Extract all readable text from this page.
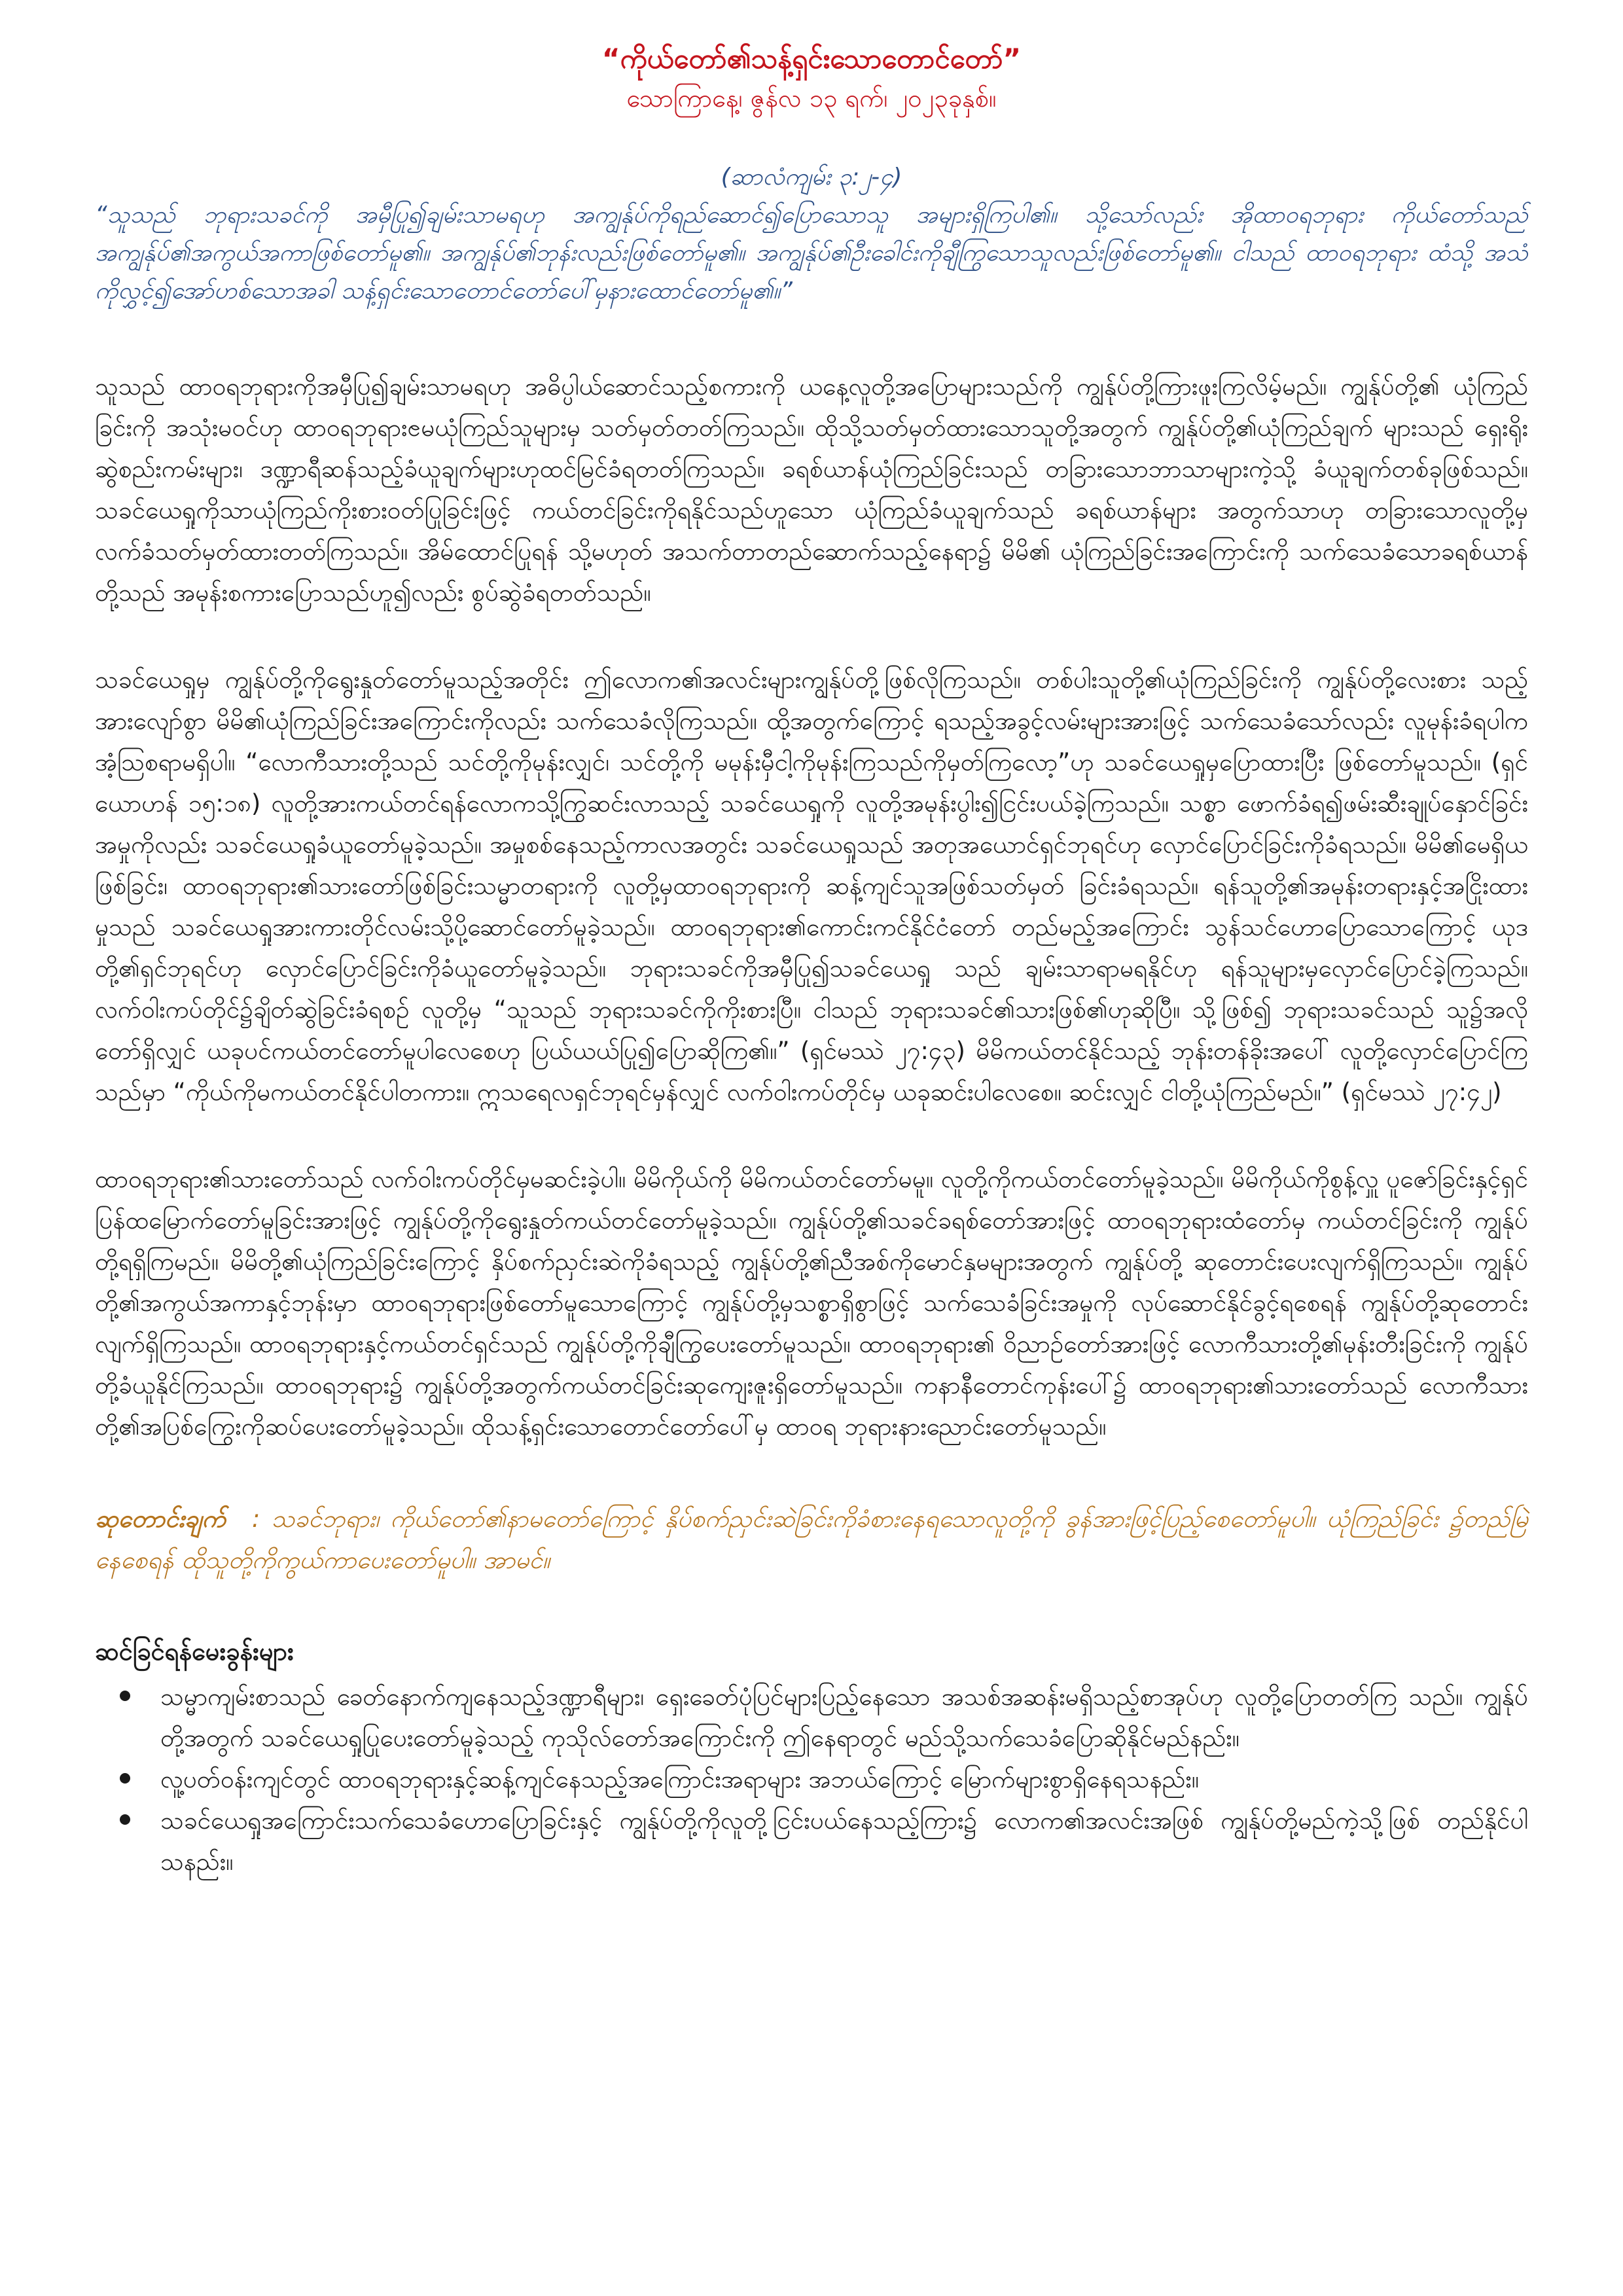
“ကိုယ်တော်၏သန့်ရှင်းသောတောင်တော်”

သောကြာနေ့၊ ဇွန်လ ၁၃ ရက်၊ ၂၀၂၃ခုနှစ်။

(ဆာလံကျမ်း ၃:၂-၄)

“သူသည် ဘုရားသခင်ကို အမှီပြု၍ချမ်းသာမရဟု အကျွန်ုပ်ကိုရည်ဆောင်၍ပြောသောသူ အများရှိကြပါ၏။ သို့သော်လည်း အိုထာဝရဘုရား ကိုယ်တော်သည် အကျွန်ုပ်၏အကွယ်အကာဖြစ်တော်မူ၏။ အကျွန်ုပ်၏ဘုန်းလည်းဖြစ်တော်မူ၏။ အကျွန်ုပ်၏ဦးခေါင်းကိုချီကြွသောသူလည်းဖြစ်တော်မူ၏။ ငါသည် ထာဝရဘုရား ထံသို့ အသံကိုလွှင့်၍အော်ဟစ်သောအခါ သန့်ရှင်းသောတောင်တော်ပေါ်မှနားထောင်တော်မူ၏။”

သူသည် ထာဝရဘုရားကိုအမှီပြု၍ချမ်းသာမရဟု အဓိပ္ပါယ်ဆောင်သည့်စကားကို ယနေ့လူတို့အပြောများသည်ကို ကျွန်ုပ်တို့ကြားဖူးကြလိမ့်မည်။ ကျွန်ုပ်တို့၏ ယုံကြည်ခြင်းကို အသုံးမဝင်ဟု ထာဝရဘုရားၔမယုံကြည်သူများမှ သတ်မှတ်တတ်ကြသည်။ ထိုသို့သတ်မှတ်ထားသောသူတို့အတွက် ကျွန်ုပ်တို့၏ယုံကြည်ချက် များသည် ရှေးရိုးဆွဲစည်းကမ်းများ၊ ဒဏ္ဍာရီဆန်သည့်ခံယူချက်များဟုထင်မြင်ခံရတတ်ကြသည်။ ခရစ်ယာန်ယုံကြည်ခြင်းသည် တခြားသောဘာသာများကဲ့သို့ ခံယူချက်တစ်ခုဖြစ်သည်။ သခင်ယေရှုကိုသာယုံကြည်ကိုးစားဝတ်ပြုခြင်းဖြင့် ကယ်တင်ခြင်းကိုရနိုင်သည်ဟူသော ယုံကြည်ခံယူချက်သည် ခရစ်ယာန်များ အတွက်သာဟု တခြားသောလူတို့မှ လက်ခံသတ်မှတ်ထားတတ်ကြသည်။ အိမ်ထောင်ပြုရန် သို့မဟုတ် အသက်တာတည်ဆောက်သည့်နေရာ၌ မိမိ၏ ယုံကြည်ခြင်းအကြောင်းကို သက်သေခံသောခရစ်ယာန်တို့သည် အမုန်းစကားပြောသည်ဟူ၍လည်း စွပ်ဆွဲခံရတတ်သည်။

သခင်ယေရှုမှ ကျွန်ုပ်တို့ကိုရွေးနှုတ်တော်မူသည့်အတိုင်း ဤလောက၏အလင်းများကျွန်ုပ်တို့ဖြစ်လိုကြသည်။ တစ်ပါးသူတို့၏ယုံကြည်ခြင်းကို ကျွန်ုပ်တို့လေးစား သည့်အားလျော်စွာ မိမိ၏ယုံကြည်ခြင်းအကြောင်းကိုလည်း သက်သေခံလိုကြသည်။ ထို့အတွက်ကြောင့် ရသည့်အခွင့်လမ်းများအားဖြင့် သက်သေခံသော်လည်း လူမုန်းခံရပါကအံ့သြစရာမရှိပါ။ “လောကီသားတို့သည် သင်တို့ကိုမုန်းလျှင်၊ သင်တို့ကို မမုန်းမှီငါ့ကိုမုန်းကြသည်ကိုမှတ်ကြလော့”ဟု သခင်ယေရှုမှပြောထားပြီး ဖြစ်တော်မူသည်။ (ရှင်ယောဟန် ၁၅:၁၈) လူတို့အားကယ်တင်ရန်လောကသို့ကြွဆင်းလာသည့် သခင်ယေရှုကို လူတို့အမုန်းပွါး၍ငြင်းပယ်ခဲ့ကြသည်။ သစ္စာ ဖောက်ခံရ၍ဖမ်းဆီးချုပ်နှောင်ခြင်းအမှုကိုလည်း သခင်ယေရှုခံယူတော်မူခဲ့သည်။ အမှုစစ်နေသည့်ကာလအတွင်း သခင်ယေရှုသည် အတုအယောင်ရှင်ဘုရင်ဟု လှောင်ပြောင်ခြင်းကိုခံရသည်။ မိမိ၏မေရှိယဖြစ်ခြင်း၊ ထာဝရဘုရား၏သားတော်ဖြစ်ခြင်းသမ္မာတရားကို လူတို့မှထာဝရဘုရားကို ဆန့်ကျင်သူအဖြစ်သတ်မှတ် ခြင်းခံရသည်။ ရန်သူတို့၏အမုန်းတရားနှင့်အငြိုးထားမှုသည် သခင်ယေရှုအားကားတိုင်လမ်းသို့ပို့ဆောင်တော်မူခဲ့သည်။ ထာဝရဘုရား၏ကောင်းကင်နိုင်ငံတော် တည်မည့်အကြောင်း သွန်သင်ဟောပြောသောကြောင့် ယုဒတို့၏ရှင်ဘုရင်ဟု လှောင်ပြောင်ခြင်းကိုခံယူတော်မူခဲ့သည်။ ဘုရားသခင်ကိုအမှီပြု၍သခင်ယေရှု သည် ချမ်းသာရာမရနိုင်ဟု ရန်သူများမှလှောင်ပြောင်ခဲ့ကြသည်။ လက်ဝါးကပ်တိုင်၌ချိတ်ဆွဲခြင်းခံရစဉ် လူတို့မှ “သူသည် ဘုရားသခင်ကိုကိုးစားပြီ။ ငါသည် ဘုရားသခင်၏သားဖြစ်၏ဟုဆိုပြီ။ သို့ဖြစ်၍ ဘုရားသခင်သည် သူ၌အလိုတော်ရှိလျှင် ယခုပင်ကယ်တင်တော်မူပါလေစေဟု ပြယ်ယယ်ပြု၍ပြောဆိုကြ၏။” (ရှင်မဿဲ ၂၇:၄၃) မိမိကယ်တင်နိုင်သည့် ဘုန်းတန်ခိုးအပေါ် လူတို့လှောင်ပြောင်ကြသည်မှာ “ကိုယ်ကိုမကယ်တင်နိုင်ပါတကား။ ဣသရေလရှင်ဘုရင်မှန်လျှင် လက်ဝါးကပ်တိုင်မှ ယခုဆင်းပါလေစေ။ ဆင်းလျှင် ငါတို့ယုံကြည်မည်။” (ရှင်မဿဲ ၂၇:၄၂)

ထာဝရဘုရား၏သားတော်သည် လက်ဝါးကပ်တိုင်မှမဆင်းခဲ့ပါ။ မိမိကိုယ်ကို မိမိကယ်တင်တော်မမူ။ လူတို့ကိုကယ်တင်တော်မူခဲ့သည်။ မိမိကိုယ်ကိုစွန့်လှူ ပူဇော်ခြင်းနှင့်ရှင်ပြန်ထမြောက်တော်မူခြင်းအားဖြင့် ကျွန်ုပ်တို့ကိုရွေးနှုတ်ကယ်တင်တော်မူခဲ့သည်။ ကျွန်ုပ်တို့၏သခင်ခရစ်တော်အားဖြင့် ထာဝရဘုရားထံတော်မှ ကယ်တင်ခြင်းကို ကျွန်ုပ်တို့ရရှိကြမည်။ မိမိတို့၏ယုံကြည်ခြင်းကြောင့် နှိပ်စက်ညှင်းဆဲကိုခံရသည့် ကျွန်ုပ်တို့၏ညီအစ်ကိုမောင်နှမများအတွက် ကျွန်ုပ်တို့ ဆုတောင်းပေးလျက်ရှိကြသည်။ ကျွန်ုပ်တို့၏အကွယ်အကာနှင့်ဘုန်းမှာ ထာဝရဘုရားဖြစ်တော်မူသောကြောင့် ကျွန်ုပ်တို့မှသစ္စာရှိစွာဖြင့် သက်သေခံခြင်းအမှုကို လုပ်ဆောင်နိုင်ခွင့်ရစေရန် ကျွန်ုပ်တို့ဆုတောင်းလျက်ရှိကြသည်။ ထာဝရဘုရားနှင့်ကယ်တင်ရှင်သည် ကျွန်ုပ်တို့ကိုချီကြွပေးတော်မူသည်။ ထာဝရဘုရား၏ ဝိညာဉ်တော်အားဖြင့် လောကီသားတို့၏မုန်းတီးခြင်းကို ကျွန်ုပ်တို့ခံယူနိုင်ကြသည်။ ထာဝရဘုရား၌ ကျွန်ုပ်တို့အတွက်ကယ်တင်ခြင်းဆုကျေးဇူးရှိတော်မူသည်။ ကနာနီတောင်ကုန်းပေါ်၌ ထာဝရဘုရား၏သားတော်သည် လောကီသားတို့၏အပြစ်ကြွေးကိုဆပ်ပေးတော်မူခဲ့သည်။ ထိုသန့်ရှင်းသောတောင်တော်ပေါ်မှ ထာဝရ ဘုရားနားညောင်းတော်မူသည်။

ဆုတောင်းချက် : သခင်ဘုရား၊ ကိုယ်တော်၏နာမတော်ကြောင့် နှိပ်စက်ညှင်းဆဲခြင်းကိုခံစားနေရသောလူတို့ကို ခွန်အားဖြင့်ပြည့်စေတော်မူပါ။ ယုံကြည်ခြင်း ၌တည်မြဲနေစေရန် ထိုသူတို့ကိုကွယ်ကာပေးတော်မူပါ။ အာမင်။

ဆင်ခြင်ရန်မေးခွန်းများ

သမ္မာကျမ်းစာသည် ခေတ်နောက်ကျနေသည့်ဒဏ္ဍာရီများ၊ ရှေးခေတ်ပုံပြင်များပြည့်နေသော အသစ်အဆန်းမရှိသည့်စာအုပ်ဟု လူတို့ပြောတတ်ကြ သည်။ ကျွန်ုပ်တို့အတွက် သခင်ယေရှုပြုပေးတော်မူခဲ့သည့် ကုသိုလ်တော်အကြောင်းကို ဤနေရာတွင် မည်သို့သက်သေခံပြောဆိုနိုင်မည်နည်း။
လူ့ပတ်ဝန်းကျင်တွင် ထာဝရဘုရားနှင့်ဆန့်ကျင်နေသည့်အကြောင်းအရာများ အဘယ်ကြောင့် မြောက်များစွာရှိနေရသနည်း။
သခင်ယေရှုအကြောင်းသက်သေခံဟောပြောခြင်းနှင့် ကျွန်ုပ်တို့ကိုလူတို့ငြင်းပယ်နေသည့်ကြား၌ လောက၏အလင်းအဖြစ် ကျွန်ုပ်တို့မည်ကဲ့သို့ဖြစ် တည်နိုင်ပါသနည်း။
